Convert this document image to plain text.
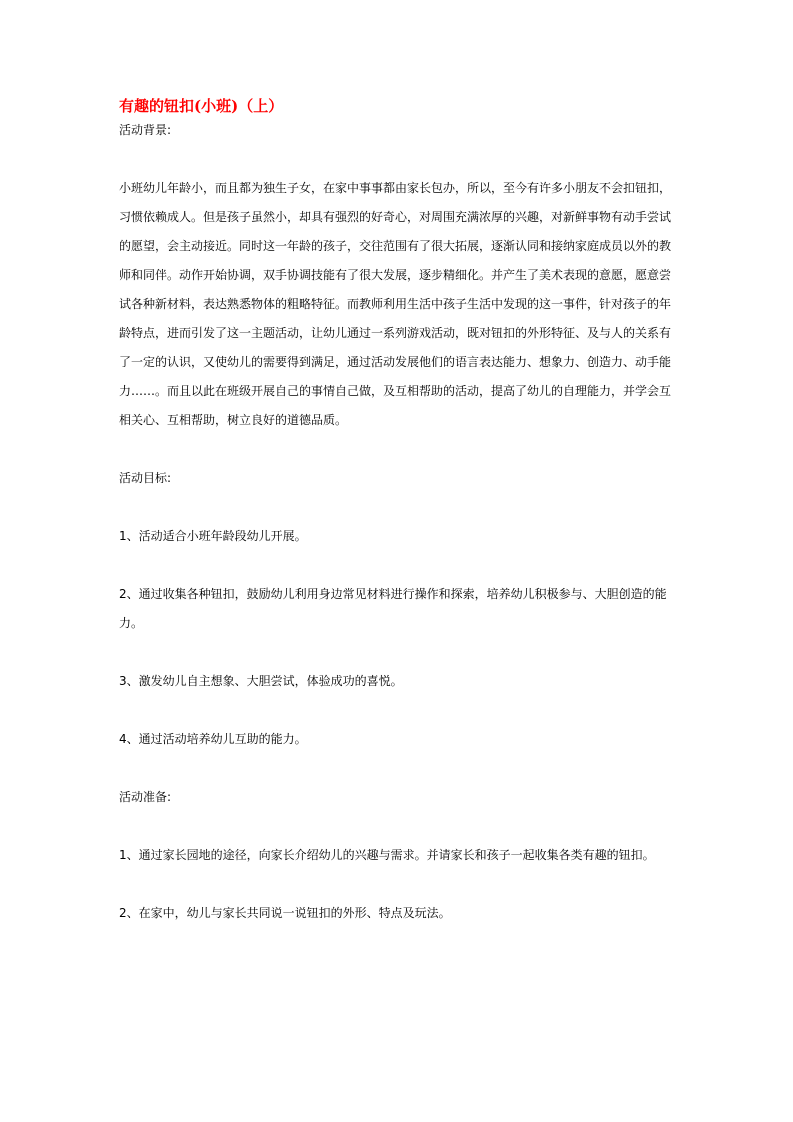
有趣的钮扣(小班)（上）

活动背景:

小班幼儿年龄小，而且都为独生子女，在家中事事都由家长包办，所以，至今有许多小朋友不会扣钮扣，习惯依赖成人。但是孩子虽然小，却具有强烈的好奇心，对周围充满浓厚的兴趣，对新鲜事物有动手尝试的愿望，会主动接近。同时这一年龄的孩子，交往范围有了很大拓展，逐渐认同和接纳家庭成员以外的教师和同伴。动作开始协调，双手协调技能有了很大发展，逐步精细化。并产生了美术表现的意愿，愿意尝试各种新材料，表达熟悉物体的粗略特征。而教师利用生活中孩子生活中发现的这一事件，针对孩子的年龄特点，进而引发了这一主题活动，让幼儿通过一系列游戏活动，既对钮扣的外形特征、及与人的关系有了一定的认识，又使幼儿的需要得到满足，通过活动发展他们的语言表达能力、想象力、创造力、动手能力……。而且以此在班级开展自己的事情自己做，及互相帮助的活动，提高了幼儿的自理能力，并学会互相关心、互相帮助，树立良好的道德品质。

活动目标:

1、活动适合小班年龄段幼儿开展。

2、通过收集各种钮扣，鼓励幼儿利用身边常见材料进行操作和探索，培养幼儿积极参与、大胆创造的能力。

3、激发幼儿自主想象、大胆尝试，体验成功的喜悦。

4、通过活动培养幼儿互助的能力。

活动准备:

1、通过家长园地的途径，向家长介绍幼儿的兴趣与需求。并请家长和孩子一起收集各类有趣的钮扣。

2、在家中，幼儿与家长共同说一说钮扣的外形、特点及玩法。
